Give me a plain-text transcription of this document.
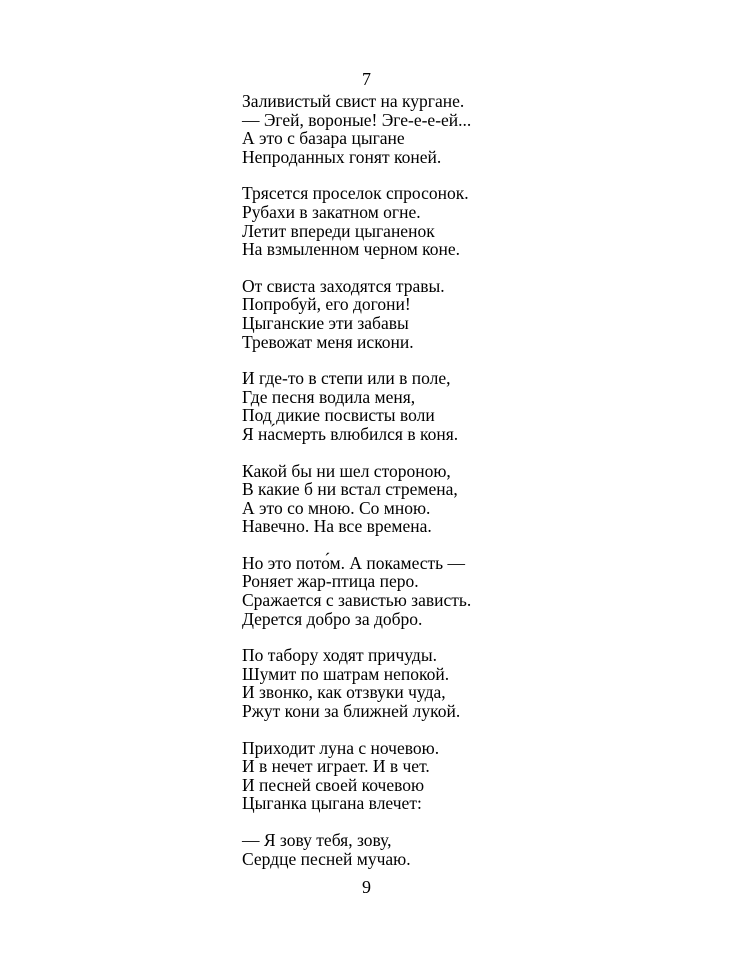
7
Заливистый свист на кургане.
— Эгей, вороные! Эге-е-е-ей...
А это с базара цыгане
Непроданных гонят коней.
Трясется проселок спросонок.
Рубахи в закатном огне.
Летит впереди цыганенок
На взмыленном черном коне.
От свиста заходятся травы.
Попробуй, его догони!
Цыганские эти забавы
Тревожат меня искони.
И где-то в степи или в поле,
Где песня водила меня,
Под дикие посвисты воли
Я на́смерть влюбился в коня.
Какой бы ни шел стороною,
В какие б ни встал стремена,
А это со мною. Со мною.
Навечно. На все времена.
Но это пото́м. А покаместь —
Роняет жар-птица перо.
Сражается с завистью зависть.
Дерется добро за добро.
По табору ходят причуды.
Шумит по шатрам непокой.
И звонко, как отзвуки чуда,
Ржут кони за ближней лукой.
Приходит луна с ночевою.
И в нечет играет. И в чет.
И песней своей кочевою
Цыганка цыгана влечет:
— Я зову тебя, зову,
Сердце песней мучаю.
9
